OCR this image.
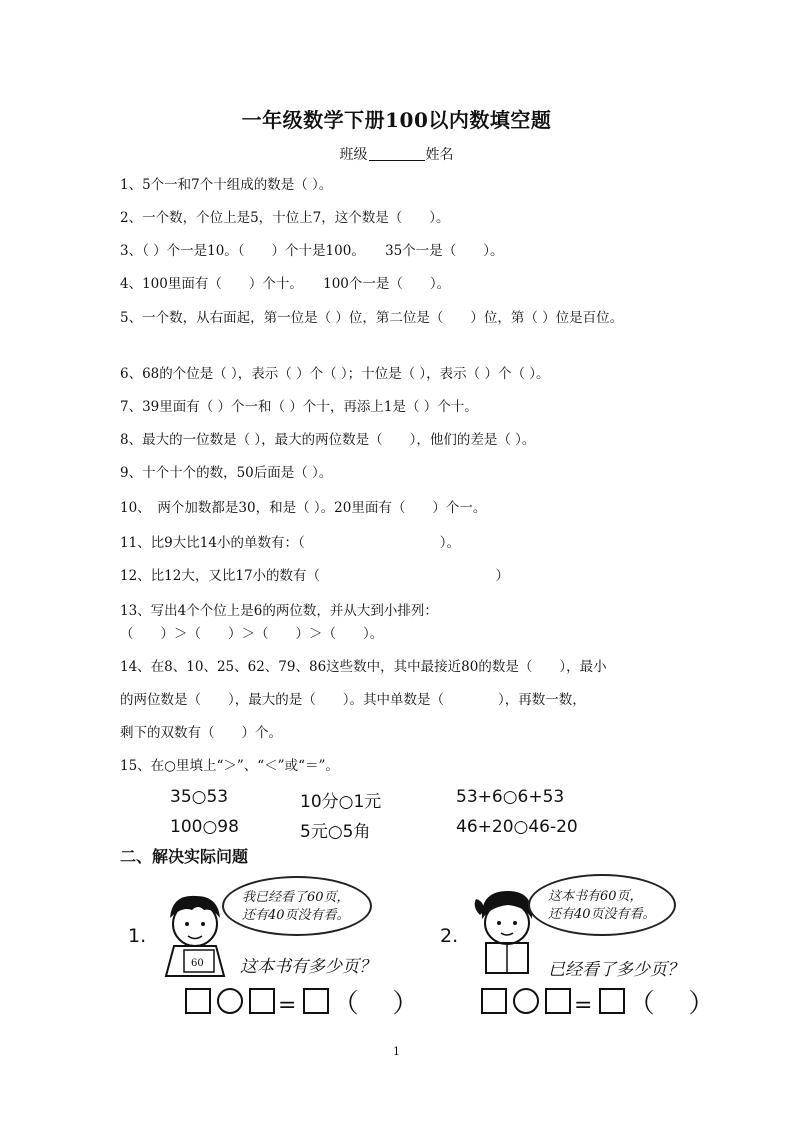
一年级数学下册100以内数填空题
班级	姓名
1、5个一和7个十组成的数是（ ）。
2、一个数，个位上是5，十位上7，这个数是（　　）。
3、（ ）个一是10。（　　）个十是100。　　35个一是（　　）。
4、100里面有（　　）个十。　　100个一是（　　）。
5、一个数，从右面起，第一位是（ ）位，第二位是（　　）位，第（ ）位是百位。
6、68的个位是（ ），表示（ ）个（ ）；十位是（ ），表示（ ）个（ ）。
7、39里面有（ ）个一和（ ）个十，再添上1是（ ）个十。
8、最大的一位数是（ ），最大的两位数是（　　），他们的差是（ ）。
9、十个十个的数，50后面是（ ）。
10、　两个加数都是30，和是（ ）。20里面有（　　）个一。
11、比9大比14小的单数有：（　　　　　　　　　　）。
12、比12大，又比17小的数有（　　　　　　　　　　　　　）
13、写出4个个位上是6的两位数，并从大到小排列：
（　　）＞（　　）＞（　　）＞（　　）。
14、在8、10、25、62、79、86这些数中，其中最接近80的数是（　　），最小
的两位数是（　　），最大的是（　　）。其中单数是（　　　　），再数一数，
剩下的双数有（　　）个。
15、在○里填上“＞”、“＜”或“＝”。
35○53	10分○1元	53+6○6+53
100○98	5元○5角	46+20○46-20
二、解决实际问题
1.
60
我已经看了60页，
还有40页没有看。
这本书有多少页？
= （　）
2.
这本书有60页，
还有40页没有看。
已经看了多少页？
= （　）
1
